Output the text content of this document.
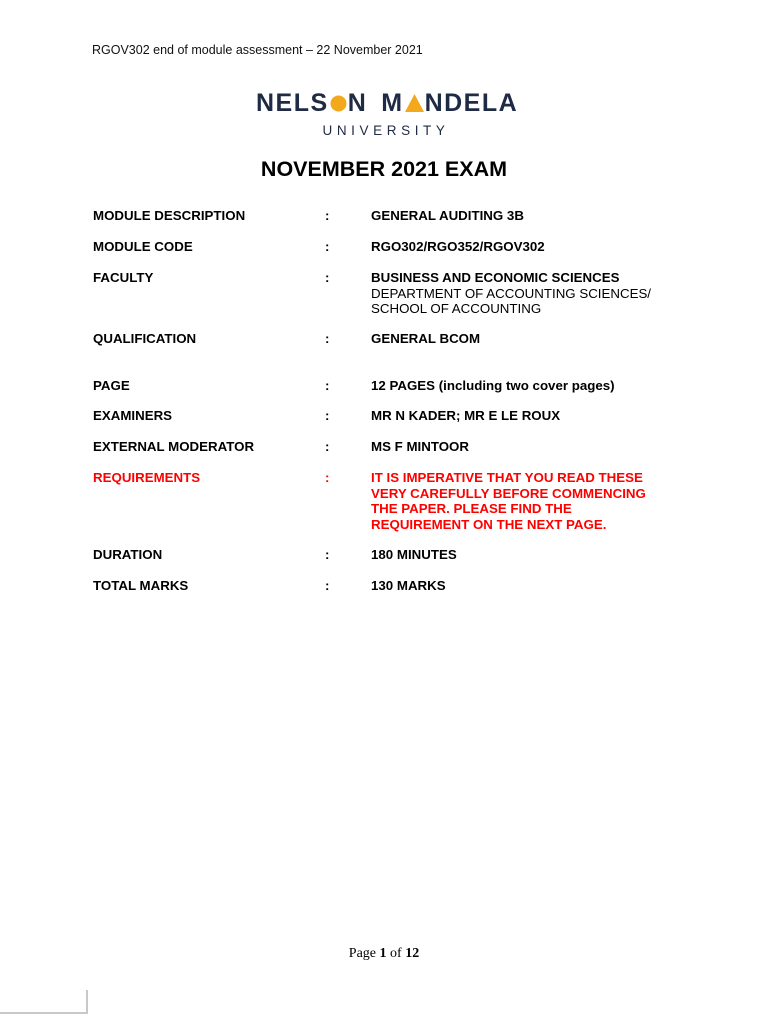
RGOV302 end of module assessment – 22 November 2021
NELS N M NDELA
UNIVERSITY
NOVEMBER 2021 EXAM
MODULE DESCRIPTION	:	GENERAL AUDITING 3B
MODULE CODE	:	RGO302/RGO352/RGOV302
FACULTY	:	BUSINESS AND ECONOMIC SCIENCES
DEPARTMENT OF ACCOUNTING SCIENCES/
SCHOOL OF ACCOUNTING
QUALIFICATION	:	GENERAL BCOM
PAGE	:	12 PAGES (including two cover pages)
EXAMINERS	:	MR N KADER; MR E LE ROUX
EXTERNAL MODERATOR	:	MS F MINTOOR
REQUIREMENTS	:	IT IS IMPERATIVE THAT YOU READ THESE
VERY CAREFULLY BEFORE COMMENCING
THE PAPER. PLEASE FIND THE
REQUIREMENT ON THE NEXT PAGE.
DURATION	:	180 MINUTES
TOTAL MARKS	:	130 MARKS
Page 1 of 12
